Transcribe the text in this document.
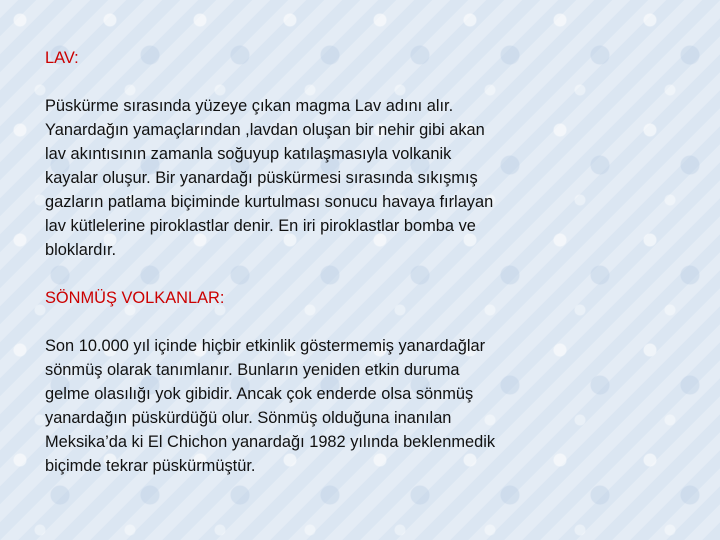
LAV:
Püskürme sırasında yüzeye çıkan magma Lav adını alır.
Yanardağın yamaçlarından ,lavdan oluşan bir nehir gibi akan
lav akıntısının zamanla soğuyup katılaşmasıyla volkanik
kayalar oluşur. Bir yanardağı püskürmesi sırasında sıkışmış
gazların patlama biçiminde kurtulması sonucu havaya fırlayan
lav kütlelerine piroklastlar denir. En iri piroklastlar bomba ve
bloklardır.
SÖNMÜŞ VOLKANLAR:
Son 10.000 yıl içinde hiçbir etkinlik göstermemiş yanardağlar
sönmüş olarak tanımlanır. Bunların yeniden etkin duruma
gelme olasılığı yok gibidir. Ancak çok enderde olsa sönmüş
yanardağın püskürdüğü olur. Sönmüş olduğuna inanılan
Meksika’da ki El Chichon yanardağı 1982 yılında beklenmedik
biçimde tekrar püskürmüştür.
